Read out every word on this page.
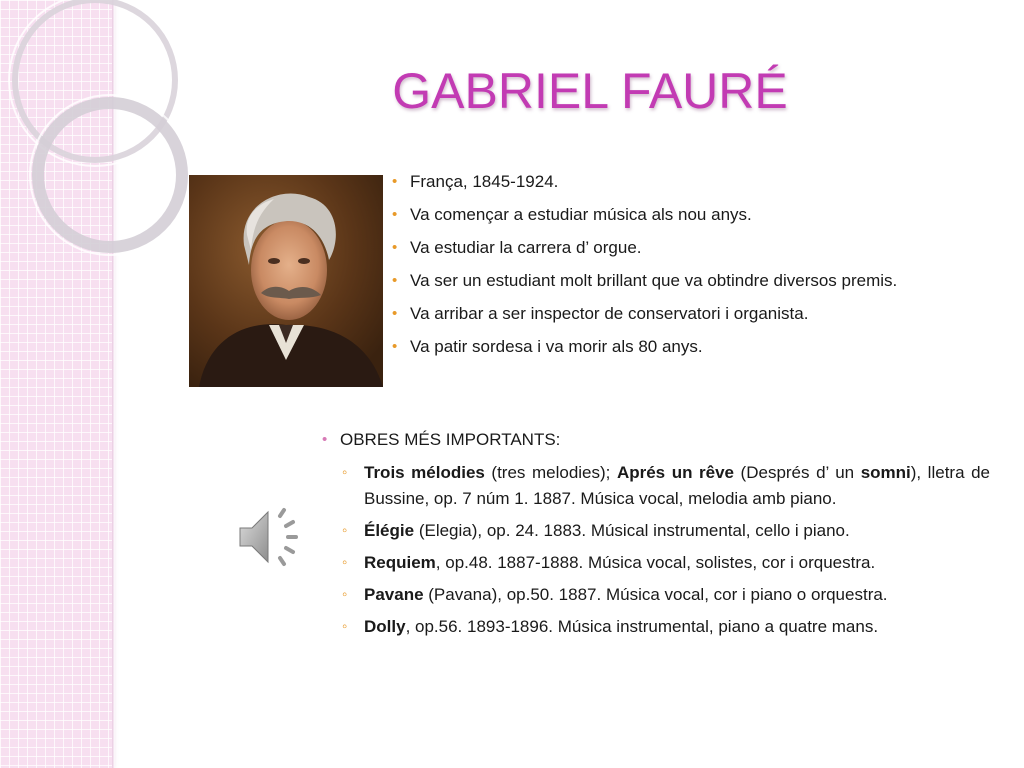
GABRIEL FAURÉ
• França, 1845-1924.
• Va començar a estudiar música als nou anys.
• Va estudiar la carrera d’ orgue.
• Va ser un estudiant molt brillant que va obtindre diversos premis.
• Va arribar a ser inspector de conservatori i organista.
• Va patir sordesa i va morir als 80 anys.
• OBRES MÉS IMPORTANTS:
◦ Trois mélodies (tres melodies); Aprés un rêve (Després d’ un somni), lletra de Bussine, op. 7 núm 1. 1887. Música vocal, melodia amb piano.
◦ Élégie (Elegia), op. 24. 1883. Músical instrumental, cello i piano.
◦ Requiem, op.48. 1887-1888. Música vocal, solistes, cor i orquestra.
◦ Pavane (Pavana), op.50. 1887. Música vocal, cor i piano o orquestra.
◦ Dolly, op.56. 1893-1896. Música instrumental, piano a quatre mans.
